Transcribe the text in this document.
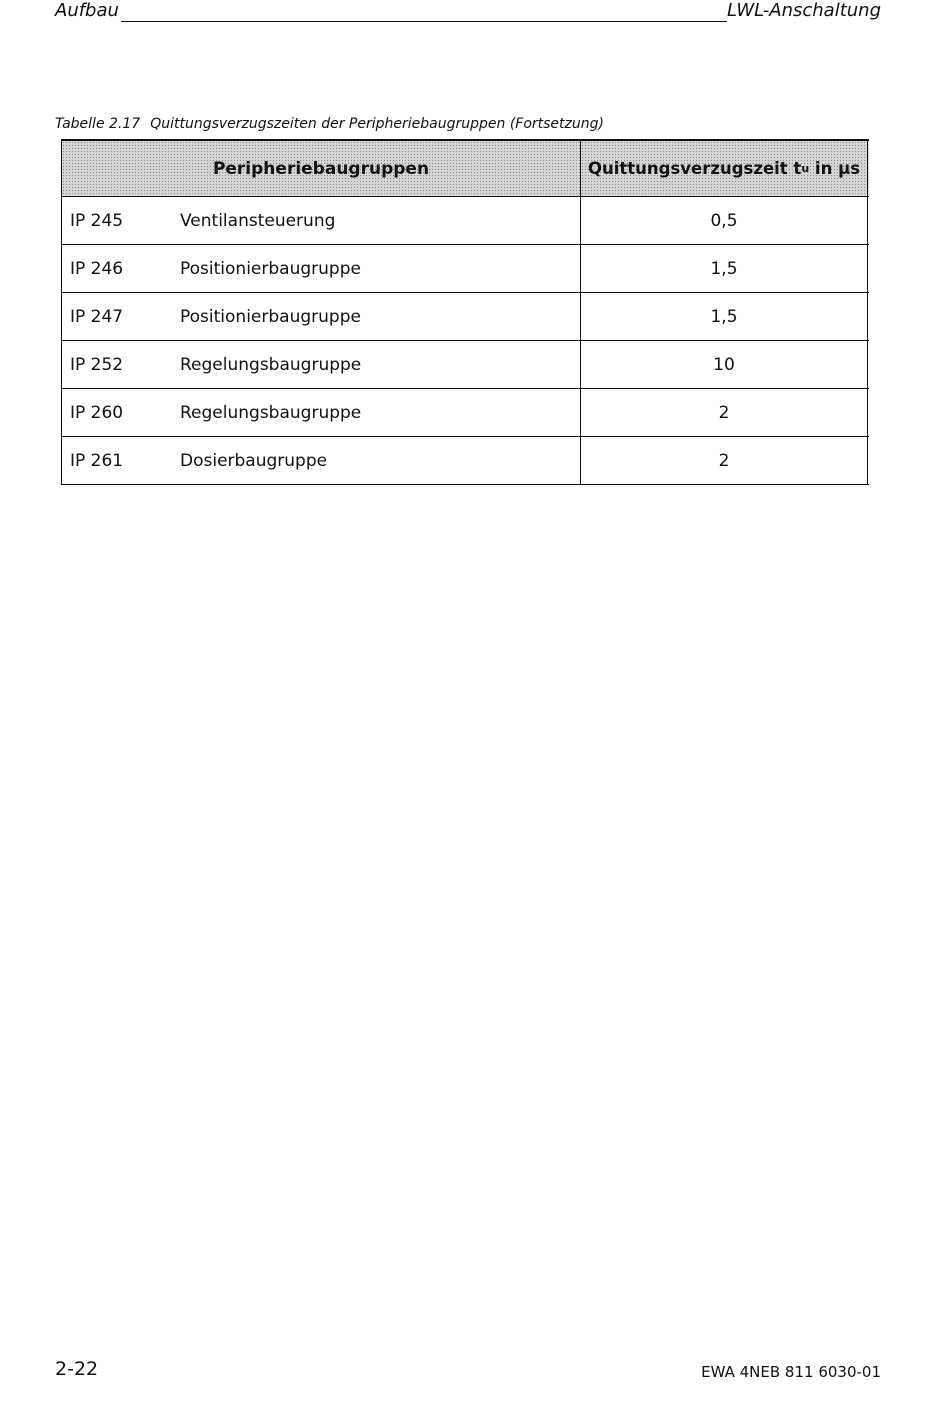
Aufbau	LWL-Anschaltung
Tabelle 2.17 Quittungsverzugszeiten der Peripheriebaugruppen (Fortsetzung)
Peripheriebaugruppen	Quittungsverzugszeit t u in µs
IP 245	Ventilansteuerung	0,5
IP 246	Positionierbaugruppe	1,5
IP 247	Positionierbaugruppe	1,5
IP 252	Regelungsbaugruppe	10
IP 260	Regelungsbaugruppe	2
IP 261	Dosierbaugruppe	2
2-22	EWA 4NEB 811 6030-01
